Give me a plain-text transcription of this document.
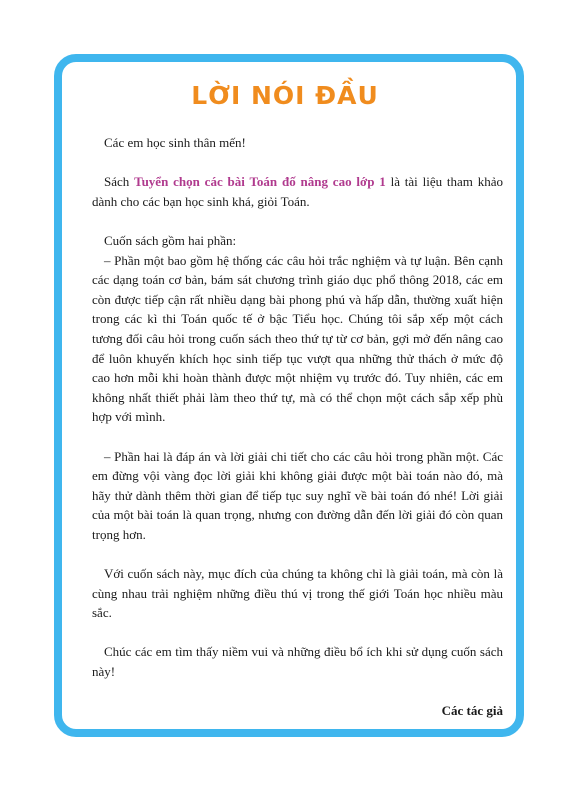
LỜI NÓI ĐẦU

Các em học sinh thân mến!

Sách Tuyển chọn các bài Toán đố nâng cao lớp 1 là tài liệu tham khảo dành cho các bạn học sinh khá, giỏi Toán.

Cuốn sách gồm hai phần:

– Phần một bao gồm hệ thống các câu hỏi trắc nghiệm và tự luận. Bên cạnh các dạng toán cơ bản, bám sát chương trình giáo dục phổ thông 2018, các em còn được tiếp cận rất nhiều dạng bài phong phú và hấp dẫn, thường xuất hiện trong các kì thi Toán quốc tế ở bậc Tiểu học. Chúng tôi sắp xếp một cách tương đối câu hỏi trong cuốn sách theo thứ tự từ cơ bản, gợi mở đến nâng cao để luôn khuyến khích học sinh tiếp tục vượt qua những thử thách ở mức độ cao hơn mỗi khi hoàn thành được một nhiệm vụ trước đó. Tuy nhiên, các em không nhất thiết phải làm theo thứ tự, mà có thể chọn một cách sắp xếp phù hợp với mình.

– Phần hai là đáp án và lời giải chi tiết cho các câu hỏi trong phần một. Các em đừng vội vàng đọc lời giải khi không giải được một bài toán nào đó, mà hãy thử dành thêm thời gian để tiếp tục suy nghĩ về bài toán đó nhé! Lời giải của một bài toán là quan trọng, nhưng con đường dẫn đến lời giải đó còn quan trọng hơn.

Với cuốn sách này, mục đích của chúng ta không chỉ là giải toán, mà còn là cùng nhau trải nghiệm những điều thú vị trong thế giới Toán học nhiều màu sắc.

Chúc các em tìm thấy niềm vui và những điều bổ ích khi sử dụng cuốn sách này!

Các tác giả
